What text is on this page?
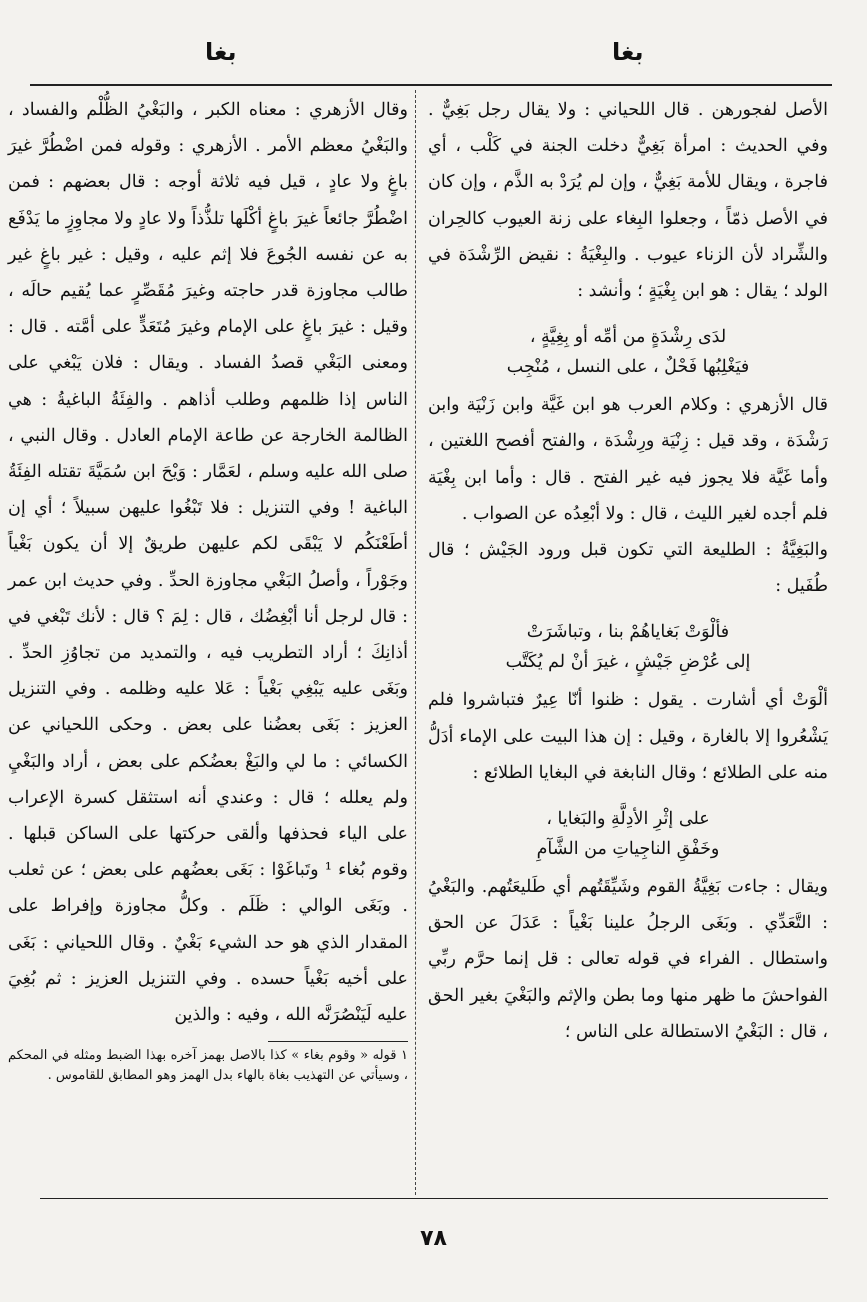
بغا
بغا

الأصل لفجورهن . قال اللحياني : ولا يقال رجل بَغِيٌّ . وفي الحديث : امرأة بَغِيٌّ دخلت الجنة في كَلْب ، أي فاجرة ، ويقال للأمة بَغِيٌّ ، وإن لم يُرَدْ به الذَّم ، وإن كان في الأصل ذمّاً ، وجعلوا البِغاء على زنة العيوب كالحِران والشِّراد لأن الزناء عيوب . والبِغْيَةُ : نقيض الرِّشْدَة في الولد ؛ يقال : هو ابن بِغْيَةٍ ؛ وأنشد :

لدَى رِشْدَةٍ من أمِّه أو بِغِيَّةٍ ،
فيَغْلِبُها فَحْلٌ ، على النسل ، مُنْجِب

قال الأزهري : وكلام العرب هو ابن غَيَّة وابن زَنْيَة وابن رَشْدَة ، وقد قيل : زِنْيَة ورِشْدَة ، والفتح أفصح اللغتين ، وأما غَيَّة فلا يجوز فيه غير الفتح . قال : وأما ابن بِغْيَة فلم أجده لغير الليث ، قال : ولا أبْعِدُه عن الصواب .

والبَغِيَّةُ : الطليعة التي تكون قبل ورود الجَيْش ؛ قال طُفَيل :

فألْوَتْ بَغاياهُمْ بنا ، وتباشَرَتْ
إلى عُرْضِ جَيْشٍ ، غيرَ أنْ لم يُكَتَّب

ألْوَتْ أي أشارت . يقول : ظنوا أنّا عِيرٌ فتباشروا فلم يَشْعُروا إلا بالغارة ، وقيل : إن هذا البيت على الإماء أدَلُّ منه على الطلائع ؛ وقال النابغة في البغايا الطلائع :

على إثْرِ الأدِلَّةِ والبَغايا ،
وخَفْقِ الناجِياتِ من الشَّآمِ

ويقال : جاءت بَغِيَّةُ القوم وشَيِّقَتُهم أي طَليعَتُهم. والبَغْيُ : التَّعَدِّي . وبَغَى الرجلُ علينا بَغْياً : عَدَلَ عن الحق واستطال . الفراء في قوله تعالى : قل إنما حرَّم ربِّي الفواحشَ ما ظهر منها وما بطن والإثم والبَغْيَ بغير الحق ، قال : البَغْيُ الاستطالة على الناس ؛

وقال الأزهري : معناه الكبر ، والبَغْيُ الظُّلْم والفساد ، والبَغْيُ معظم الأمر . الأزهري : وقوله فمن اضْطُرَّ غيرَ باغٍ ولا عادٍ ، قيل فيه ثلاثة أوجه : قال بعضهم : فمن اضْطُرَّ جائعاً غيرَ باغٍ أكْلَها تلذُّذاً ولا عادٍ ولا مجاوِزٍ ما يَدْفَع به عن نفسه الجُوعَ فلا إثم عليه ، وقيل : غير باغٍ غير طالب مجاوزة قدر حاجته وغيرَ مُقَصِّرٍ عما يُقيم حالَه ، وقيل : غيرَ باغٍ على الإمام وغيرَ مُتَعَدٍّ على أمَّته . قال : ومعنى البَغْي قصدُ الفساد . ويقال : فلان يَبْغي على الناس إذا ظلمهم وطلب أذاهم . والفِئَةُ الباغيةُ : هي الظالمة الخارجة عن طاعة الإمام العادل . وقال النبي ، صلى الله عليه وسلم ، لعَمَّار : وَيْحَ ابن سُمَيَّةَ تقتله الفِئَةُ الباغية ! وفي التنزيل : فلا تَبْغُوا عليهن سبيلاً ؛ أي إن أطَعْنَكُم لا يَبْقَى لكم عليهن طريقٌ إلا أن يكون بَغْياً وجَوْراً ، وأصلُ البَغْي مجاوزة الحدِّ . وفي حديث ابن عمر : قال لرجل أنا أبْغِضُك ، قال : لِمَ ؟ قال : لأنك تَبْغي في أذانِكَ ؛ أراد التطريب فيه ، والتمديد من تجاوُزِ الحدِّ . وبَغَى عليه يَبْغِي بَغْياً : عَلا عليه وظلمه . وفي التنزيل العزيز : بَغَى بعضُنا على بعض . وحكى اللحياني عن الكسائي : ما لي والبَغْ بعضُكم على بعض ، أراد والبَغْيِ ولم يعلله ؛ قال : وعندي أنه استثقل كسرة الإعراب على الياء فحذفها وألقى حركتها على الساكن قبلها . وقوم بُغاء ¹ وتَباغَوْا : بَغَى بعضُهم على بعض ؛ عن ثعلب . وبَغَى الوالي : ظَلَم . وكلُّ مجاوزة وإفراط على المقدار الذي هو حد الشيء بَغْيٌ . وقال اللحياني : بَغَى على أخيه بَغْياً حسده . وفي التنزيل العزيز : ثم بُغِيَ عليه لَيَنْصُرَنَّه الله ، وفيه : والذين

١ قوله « وقوم بغاء » كذا بالاصل بهمز آخره بهذا الضبط ومثله في المحكم ، وسيأتي عن التهذيب بغاة بالهاء بدل الهمز وهو المطابق للقاموس .

٧٨
